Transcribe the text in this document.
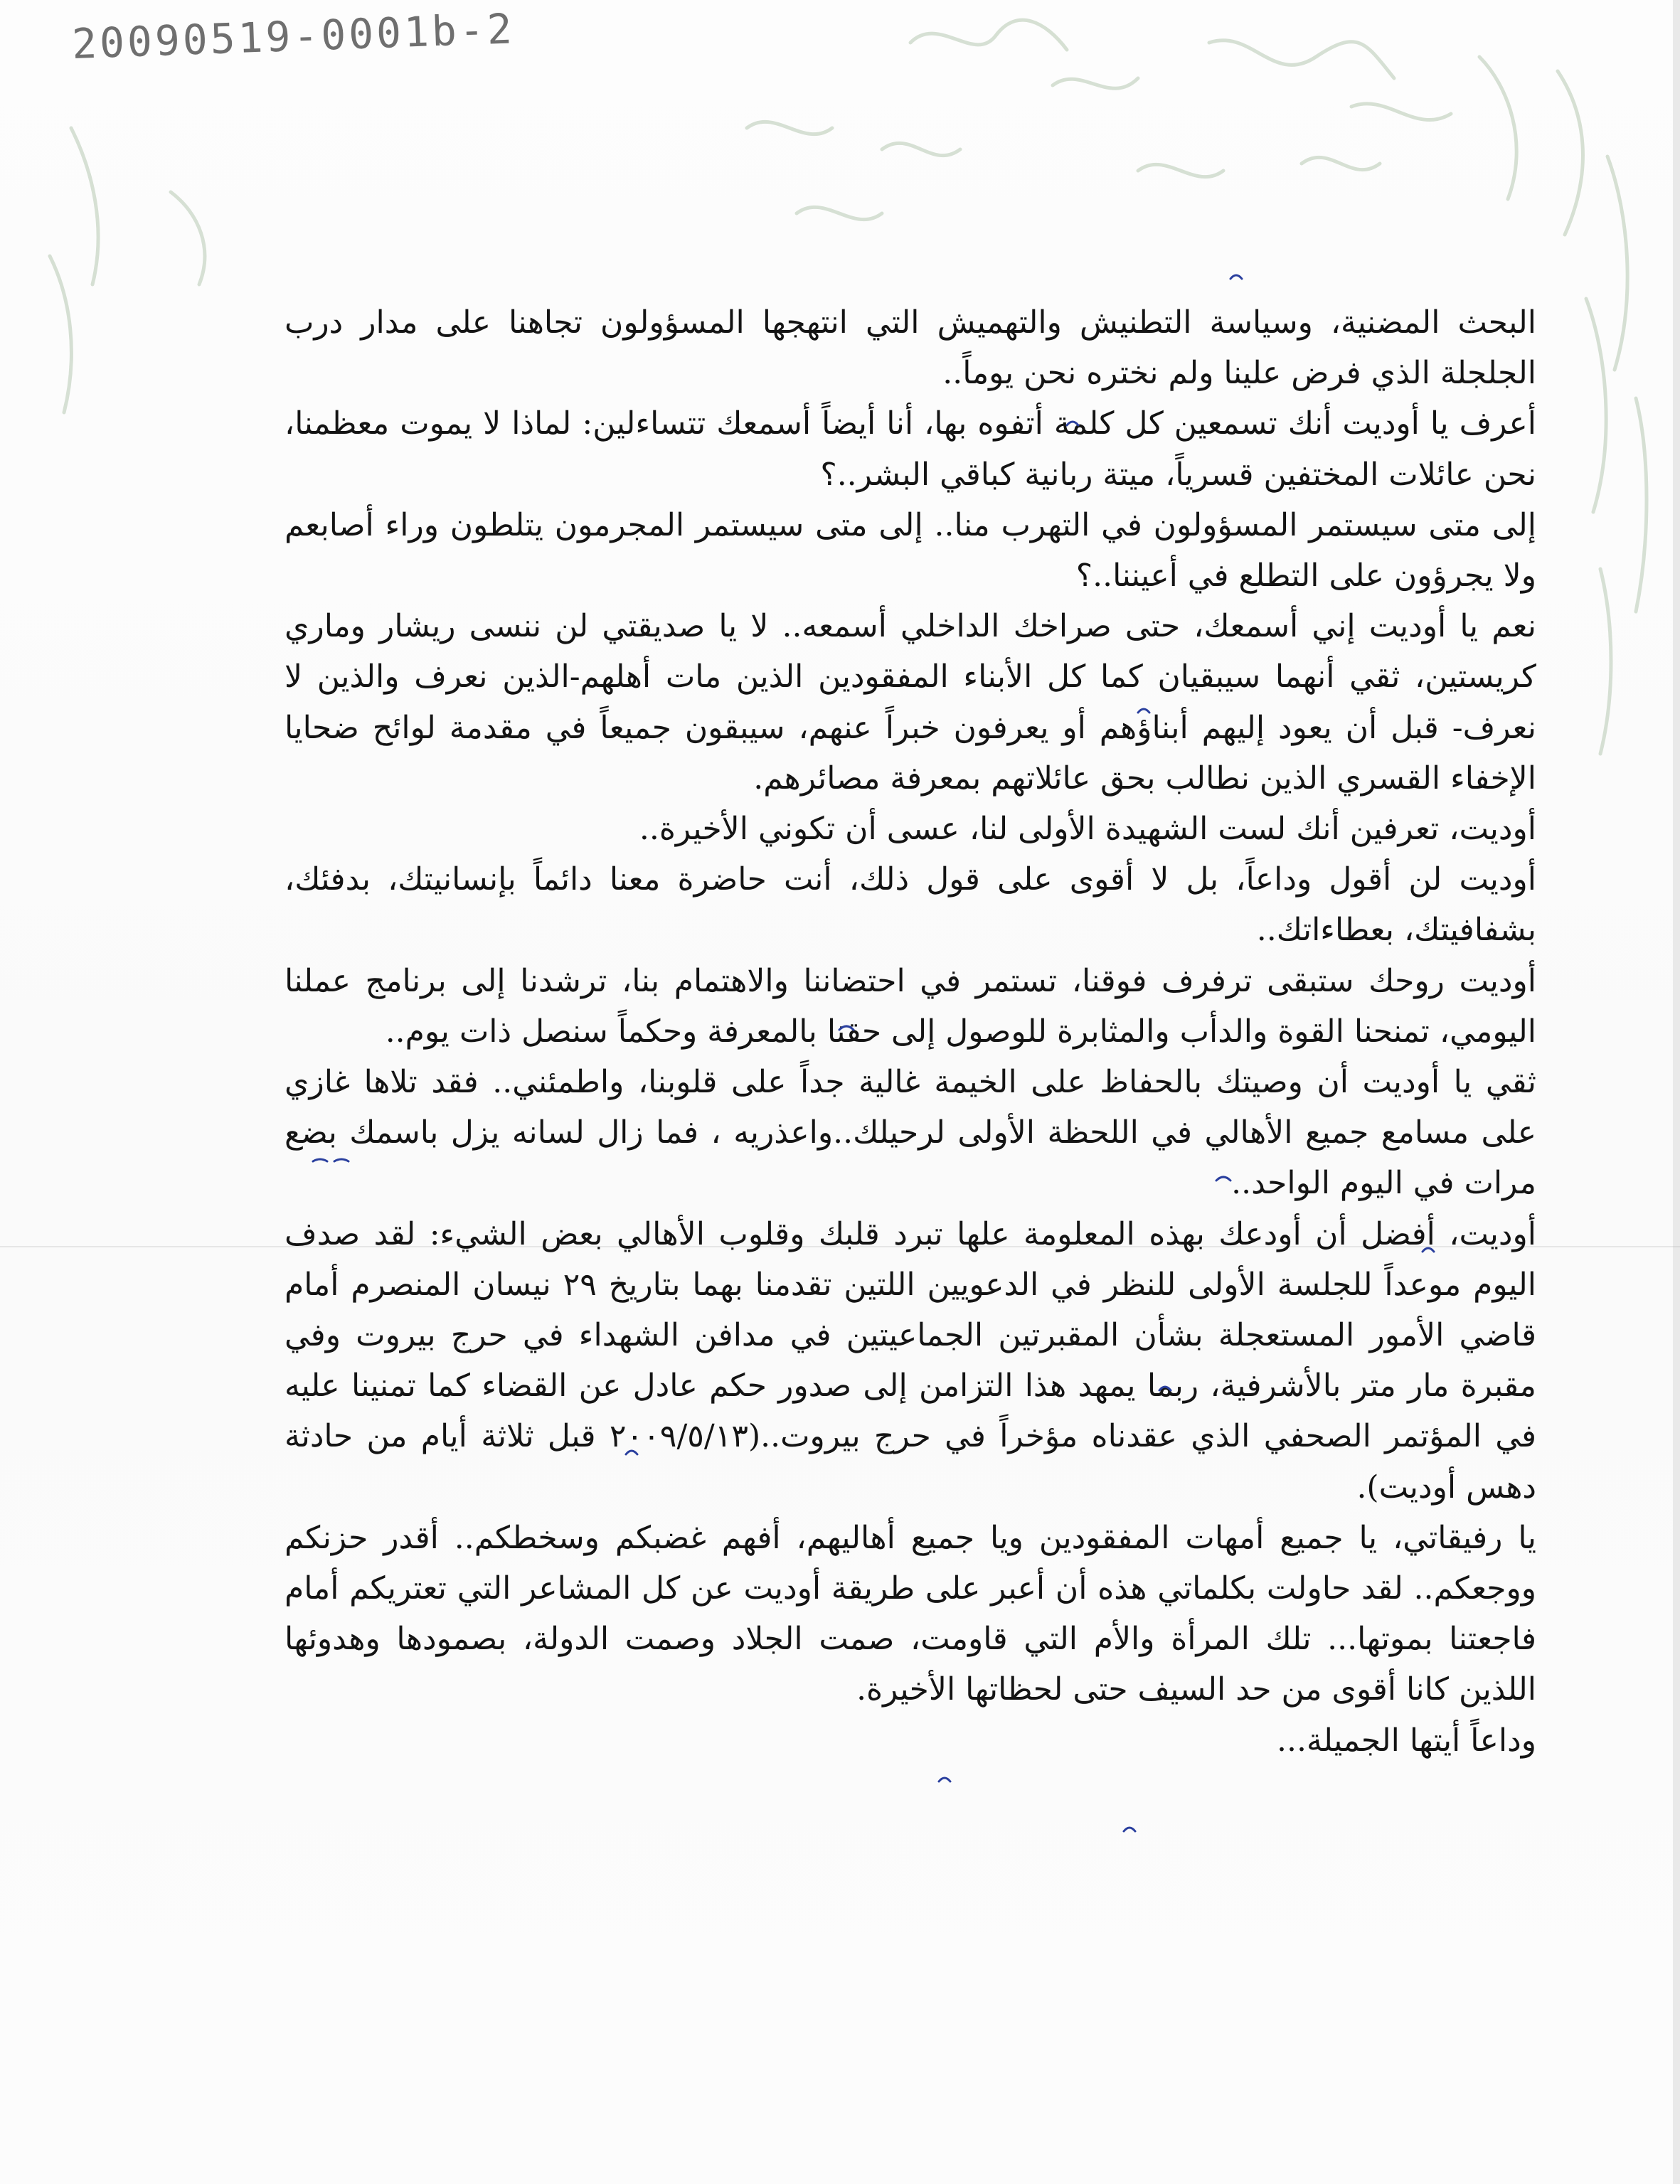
20090519-0001b-2

البحث المضنية، وسياسة التطنيش والتهميش التي انتهجها المسؤولون تجاهنا على مدار درب الجلجلة الذي فرض علينا ولم نختره نحن يوماً..

أعرف يا أوديت أنك تسمعين كل كلمة أتفوه بها، أنا أيضاً أسمعك تتساءلين: لماذا لا يموت معظمنا، نحن عائلات المختفين قسرياً، ميتة ربانية كباقي البشر..؟

إلى متى سيستمر المسؤولون في التهرب منا.. إلى متى سيستمر المجرمون يتلطون وراء أصابعم ولا يجرؤون على التطلع في أعيننا..؟

نعم يا أوديت إني أسمعك، حتى صراخك الداخلي أسمعه.. لا يا صديقتي لن ننسى ريشار وماري كريستين، ثقي أنهما سيبقيان كما كل الأبناء المفقودين الذين مات أهلهم-الذين نعرف والذين لا نعرف- قبل أن يعود إليهم أبناؤهم أو يعرفون خبراً عنهم، سيبقون جميعاً في مقدمة لوائح ضحايا الإخفاء القسري الذين نطالب بحق عائلاتهم بمعرفة مصائرهم.

أوديت، تعرفين أنك لست الشهيدة الأولى لنا، عسى أن تكوني الأخيرة..

أوديت لن أقول وداعاً، بل لا أقوى على قول ذلك، أنت حاضرة معنا دائماً بإنسانيتك، بدفئك، بشفافيتك، بعطاءاتك..

أوديت روحك ستبقى ترفرف فوقنا، تستمر في احتضاننا والاهتمام بنا، ترشدنا إلى برنامج عملنا اليومي، تمنحنا القوة والدأب والمثابرة للوصول إلى حقنا بالمعرفة وحكماً سنصل ذات يوم..

ثقي يا أوديت أن وصيتك بالحفاظ على الخيمة غالية جداً على قلوبنا، واطمئني.. فقد تلاها غازي على مسامع جميع الأهالي في اللحظة الأولى لرحيلك..واعذريه ، فما زال لسانه يزل باسمك بضع مرات في اليوم الواحد..

أوديت، أفضل أن أودعك بهذه المعلومة علها تبرد قلبك وقلوب الأهالي بعض الشيء: لقد صدف اليوم موعداً للجلسة الأولى للنظر في الدعويين اللتين تقدمنا بهما بتاريخ ٢٩ نيسان المنصرم أمام قاضي الأمور المستعجلة بشأن المقبرتين الجماعيتين في مدافن الشهداء في حرج بيروت وفي مقبرة مار متر بالأشرفية، ربما يمهد هذا التزامن إلى صدور حكم عادل عن القضاء كما تمنينا عليه في المؤتمر الصحفي الذي عقدناه مؤخراً في حرج بيروت..(٢٠٠٩/٥/١٣ قبل ثلاثة أيام من حادثة دهس أوديت).

يا رفيقاتي، يا جميع أمهات المفقودين ويا جميع أهاليهم، أفهم غضبكم وسخطكم.. أقدر حزنكم ووجعكم.. لقد حاولت بكلماتي هذه أن أعبر على طريقة أوديت عن كل المشاعر التي تعتريكم أمام فاجعتنا بموتها... تلك المرأة والأم التي قاومت، صمت الجلاد وصمت الدولة، بصمودها وهدوئها اللذين كانا أقوى من حد السيف حتى لحظاتها الأخيرة.

وداعاً أيتها الجميلة...
